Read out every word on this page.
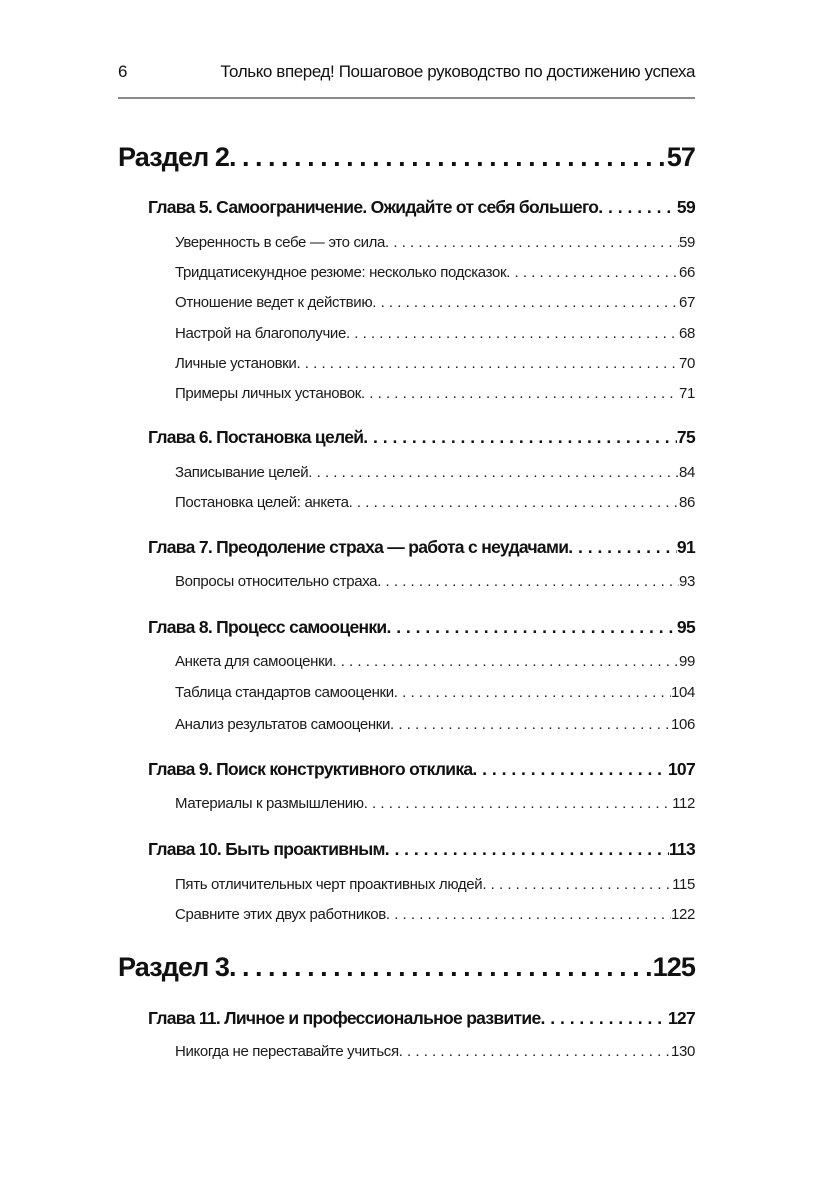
6	Только вперед! Пошаговое руководство по достижению успеха
Раздел 2 . . .	57
Глава 5. Самоограничение. Ожидайте от себя большего . . .	59
Уверенность в себе — это сила . . .	59
Тридцатисекундное резюме: несколько подсказок . . .	66
Отношение ведет к действию . . .	67
Настрой на благополучие . . .	68
Личные установки . . .	70
Примеры личных установок . . .	71
Глава 6. Постановка целей . . .	75
Записывание целей . . .	84
Постановка целей: анкета . . .	86
Глава 7. Преодоление страха — работа с неудачами . . .	91
Вопросы относительно страха . . .	93
Глава 8. Процесс самооценки . . .	95
Анкета для самооценки . . .	99
Таблица стандартов самооценки . . .	104
Анализ результатов самооценки . . .	106
Глава 9. Поиск конструктивного отклика . . .	107
Материалы к размышлению . . .	112
Глава 10. Быть проактивным . . .	113
Пять отличительных черт проактивных людей . . .	115
Сравните этих двух работников . . .	122
Раздел 3 . . .	125
Глава 11. Личное и профессиональное развитие . . .	127
Никогда не переставайте учиться . . .	130
